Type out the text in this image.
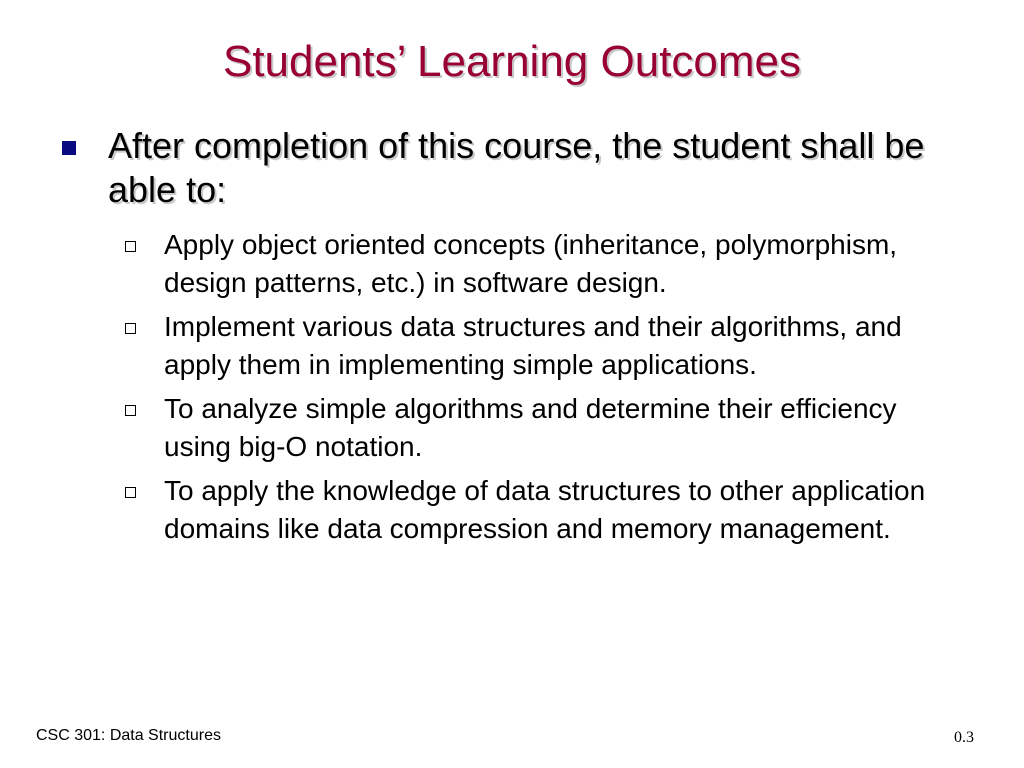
Students’ Learning Outcomes
After completion of this course, the student shall be able to:
Apply object oriented concepts (inheritance, polymorphism, design patterns, etc.) in software design.
Implement various data structures and their algorithms, and apply them in implementing simple applications.
To analyze simple algorithms and determine their efficiency using big-O notation.
To apply the knowledge of data structures to other application domains like data compression and memory management.
CSC 301: Data Structures	0.3
